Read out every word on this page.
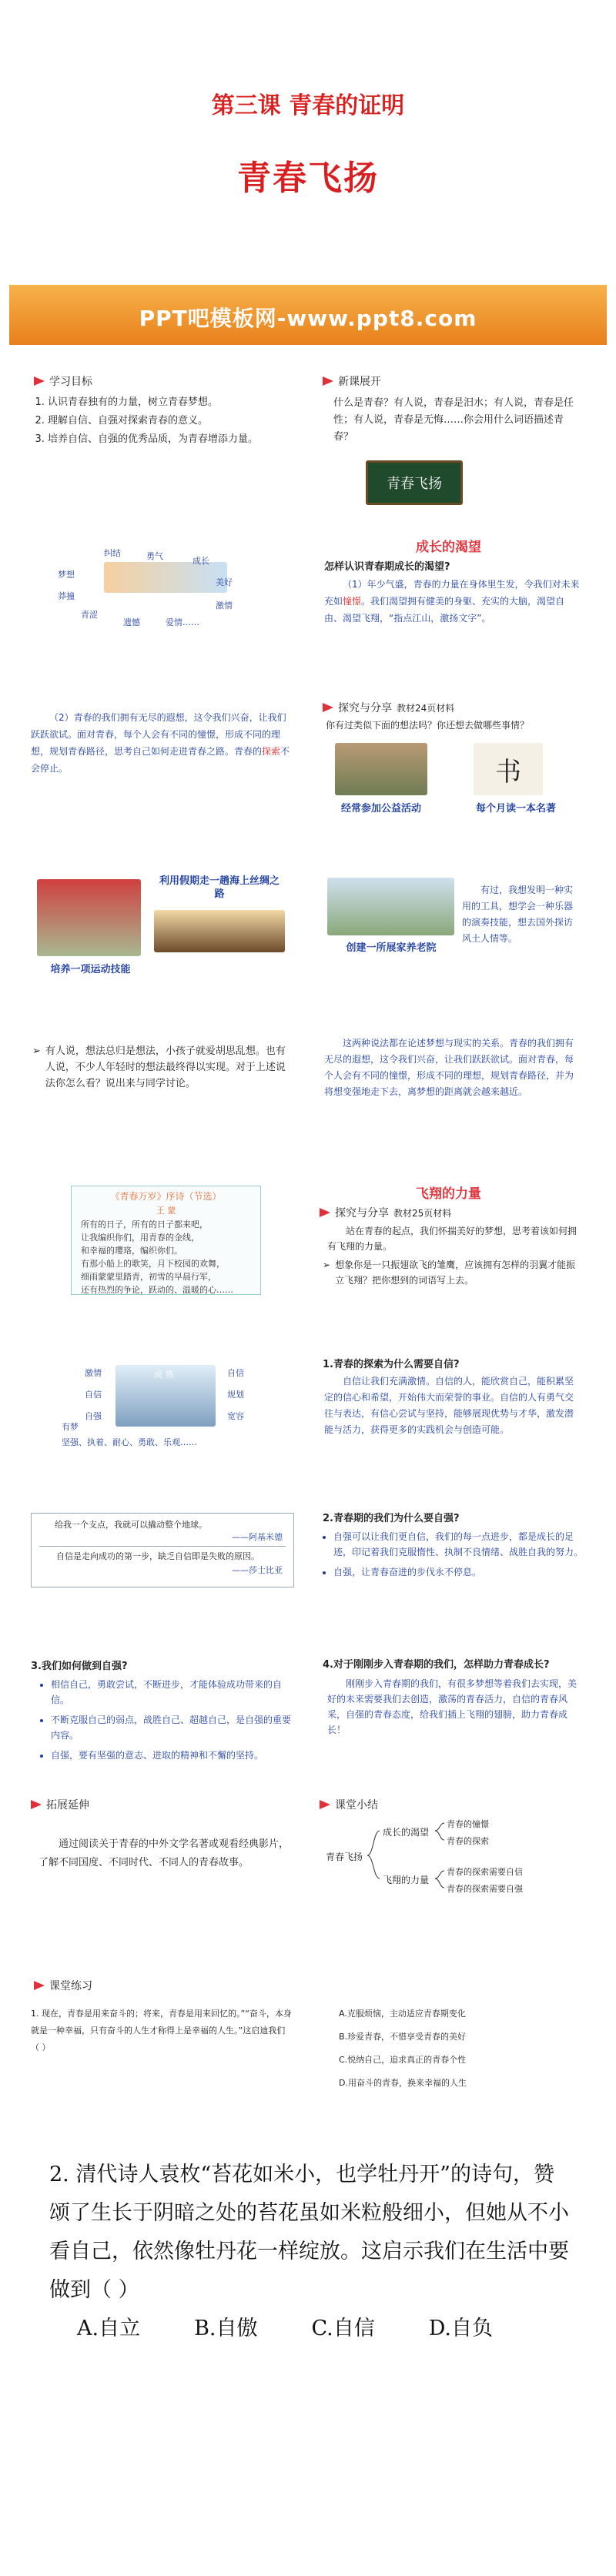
第三课 青春的证明
青春飞扬
PPT吧模板网-www.ppt8.com
学习目标
1. 认识青春独有的力量，树立青春梦想。
2. 理解自信、自强对探索青春的意义。
3. 培养自信、自强的优秀品质，为青春增添力量。
新课展开
什么是青春？有人说，青春是汨水；有人说，青春是任性；有人说，青春是无悔……你会用什么词语描述青春？
青春飞扬
纠结	勇气	成长
梦想
美好
莽撞
青涩
遗憾	爱情……
激情
成长的渴望
怎样认识青春期成长的渴望?
（1）年少气盛，青春的力量在身体里生发，令我们对未来充如憧憬。我们渴望拥有健美的身躯、充实的大脑，渴望自由、渴望飞翔，“指点江山，激扬文字”。
（2）青春的我们拥有无尽的遐想，这令我们兴奋，让我们跃跃欲试。面对青春，每个人会有不同的憧憬，形成不同的理想，规划青春路径，思考自己如何走进青春之路。青春的探索不会停止。
探究与分享 教材24页材料
你有过类似下面的想法吗？你还想去做哪些事情？
书
经常参加公益活动	每个月读一本名著
利用假期走一趟海上丝绸之路
培养一项运动技能
创建一所展家养老院
有过，我想发明一种实用的工具，想学会一种乐器的演奏技能，想去国外探访风土人情等。
➢ 有人说，想法总归是想法，小孩子就爱胡思乱想。也有人说，不少人年轻时的想法最终得以实现。对于上述说法你怎么看？说出来与同学讨论。
这两种说法都在论述梦想与现实的关系。青春的我们拥有无尽的遐想，这令我们兴奋，让我们跃跃欲试。面对青春，每个人会有不同的憧憬，形成不同的理想，规划青春路径，并为将想变强地走下去，离梦想的距离就会越来越近。
《青春万岁》序诗（节选）
王 蒙
所有的日子，所有的日子都来吧，
让我编织你们，用青春的金线，
和幸福的璎珞，编织你们。
有那小船上的歌笑，月下校园的欢舞，
细雨蒙蒙里踏青，初雪的早晨行军，
还有热烈的争论，跃动的、温暖的心……
飞翔的力量
探究与分享 教材25页材料
站在青春的起点，我们怀揣美好的梦想，思考着该如何拥有飞翔的力量。
➢ 想象你是一只振翅欲飞的雏鹰，应该拥有怎样的羽翼才能振立飞翔？把你想到的词语写上去。
成 熟
激情
自信
自强
自信
规划
宽容
有梦
坚强、执着、耐心、勇敢、乐观……
1.青春的探索为什么需要自信?
自信让我们充满激情。自信的人，能欣赏自己，能积累坚定的信心和希望，开始伟大而荣誉的事业。自信的人有勇气交往与表达，有信心尝试与坚持，能够展现优势与才华，激发潜能与活力，获得更多的实践机会与创造可能。
给我一个支点，我就可以撬动整个地球。
——阿基米德
自信是走向成功的第一步，缺乏自信即是失败的原因。
——莎士比亚
2.青春期的我们为什么要自强?
• 自强可以让我们更自信，我们的每一点进步，都是成长的足迹，印记着我们克服惰性、执制不良情绪、战胜自我的努力。
• 自强，让青春奋进的步伐永不停息。
3.我们如何做到自强?
• 相信自己，勇敢尝试，不断进步，才能体验成功带来的自信。
• 不断克服自己的弱点，战胜自己、超越自己，是自强的重要内容。
• 自强，要有坚强的意志、进取的精神和不懈的坚持。
4.对于刚刚步入青春期的我们，怎样助力青春成长?
刚刚步入青春期的我们，有很多梦想等着我们去实现，美好的未来需要我们去创造，激荡的青春活力，自信的青春风采，自强的青春态度，给我们插上飞翔的翅膀，助力青春成长！
拓展延伸
通过阅读关于青春的中外文学名著或观看经典影片，了解不同国度、不同时代、不同人的青春故事。
课堂小结
青春飞扬
成长的渴望
飞翔的力量
青春的憧憬
青春的探索
青春的探索需要自信
青春的探索需要自强
课堂练习
1. 现在，青春是用来奋斗的；将来，青春是用来回忆的。”“奋斗，本身就是一种幸福，只有奋斗的人生才称得上是幸福的人生。”这启迪我们（ ）
A.克服烦恼，主动适应青春期变化
B.珍爱青春，不惜享受青春的美好
C.悦纳自己，追求真正的青春个性
D.用奋斗的青春，换来幸福的人生
2. 清代诗人袁枚“苔花如米小，也学牡丹开”的诗句，赞颂了生长于阴暗之处的苔花虽如米粒般细小，但她从不小看自己，依然像牡丹花一样绽放。这启示我们在生活中要做到（ ）
A.自立	B.自傲	C.自信	D.自负
